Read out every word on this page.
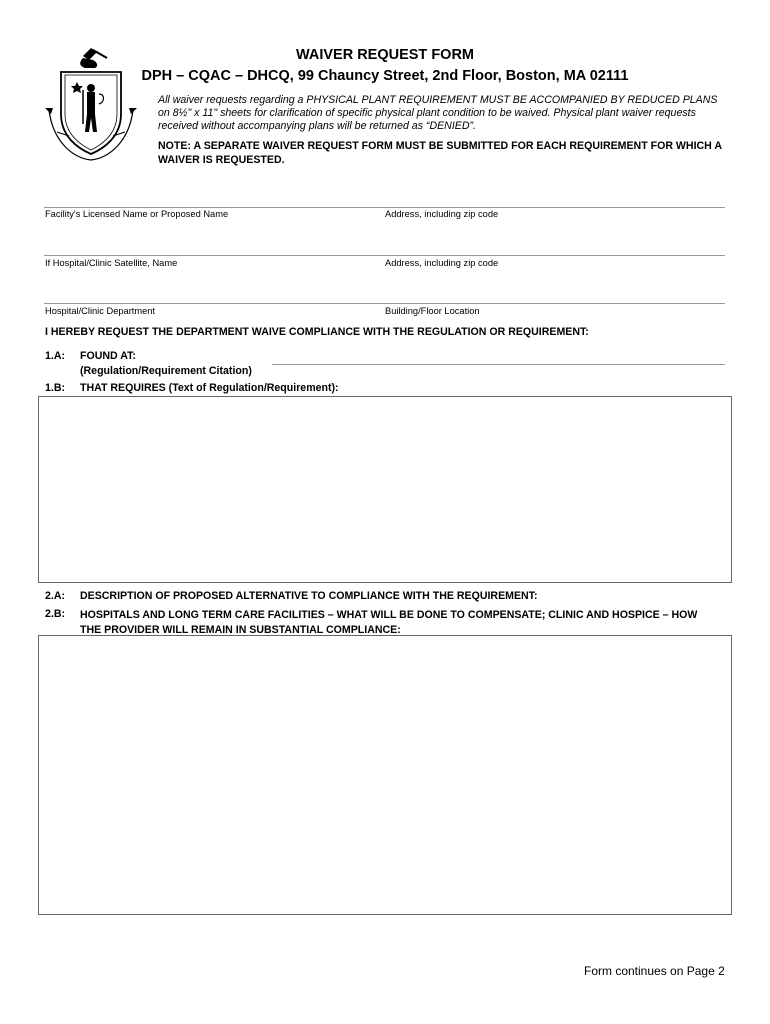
WAIVER REQUEST FORM
DPH – CQAC – DHCQ, 99 Chauncy Street, 2nd Floor, Boston, MA 02111
All waiver requests regarding a PHYSICAL PLANT REQUIREMENT MUST BE ACCOMPANIED BY REDUCED PLANS on 8½" x 11" sheets for clarification of specific physical plant condition to be waived. Physical plant waiver requests received without accompanying plans will be returned as “DENIED”.
NOTE: A SEPARATE WAIVER REQUEST FORM MUST BE SUBMITTED FOR EACH REQUIREMENT FOR WHICH A WAIVER IS REQUESTED.
Facility's Licensed Name or Proposed Name	Address, including zip code
If Hospital/Clinic Satellite, Name	Address, including zip code
Hospital/Clinic Department	Building/Floor Location
I HEREBY REQUEST THE DEPARTMENT WAIVE COMPLIANCE WITH THE REGULATION OR REQUIREMENT:
1.A: FOUND AT:
(Regulation/Requirement Citation)
1.B: THAT REQUIRES (Text of Regulation/Requirement):
2.A: DESCRIPTION OF PROPOSED ALTERNATIVE TO COMPLIANCE WITH THE REQUIREMENT:
2.B: HOSPITALS AND LONG TERM CARE FACILITIES – WHAT WILL BE DONE TO COMPENSATE; CLINIC AND HOSPICE – HOW THE PROVIDER WILL REMAIN IN SUBSTANTIAL COMPLIANCE:
Form continues on Page 2
